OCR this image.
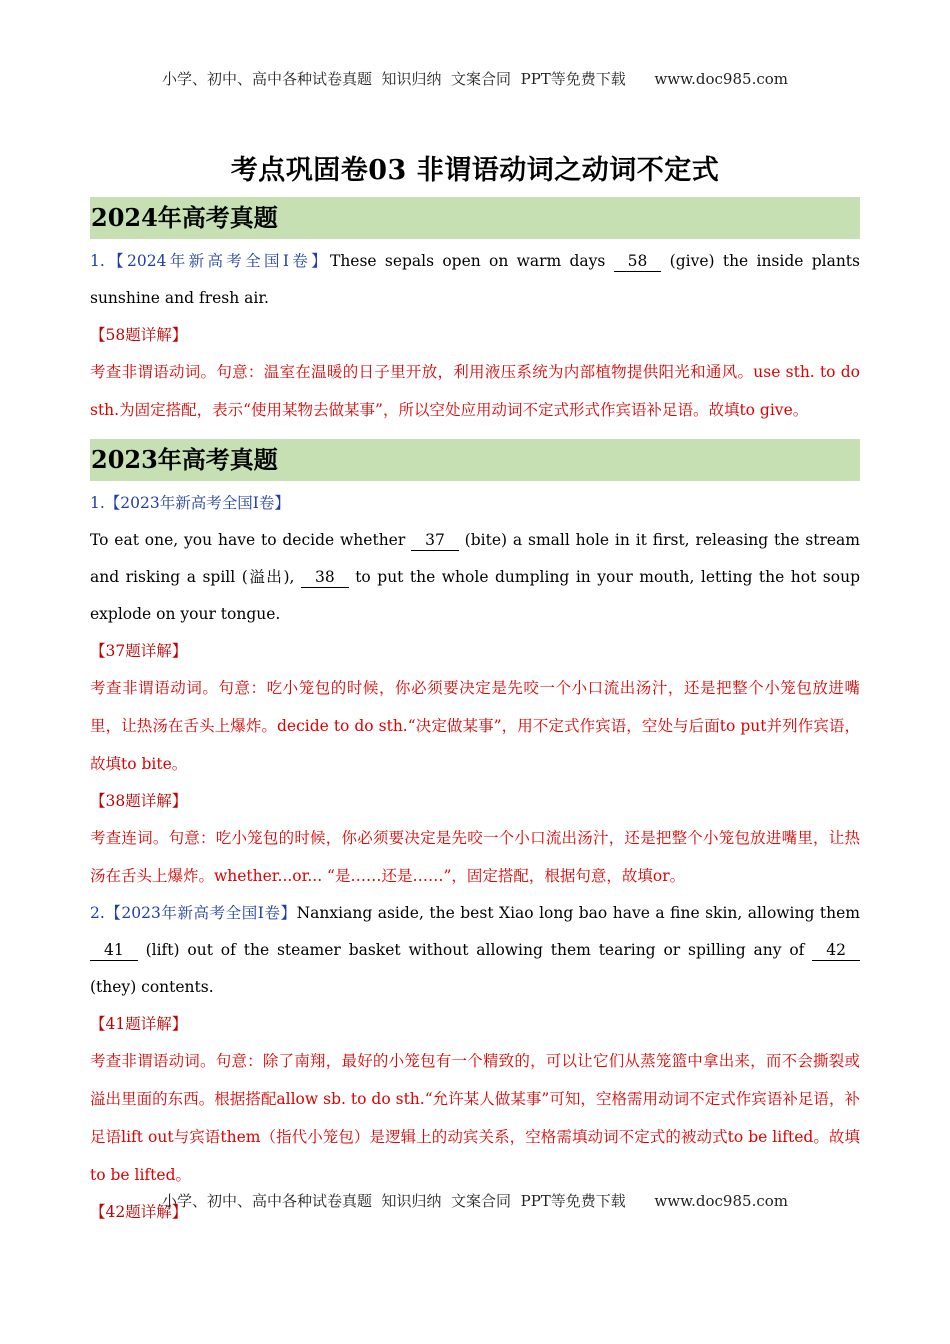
小学、初中、高中各种试卷真题  知识归纳  文案合同  PPT等免费下载      www.doc985.com
考点巩固卷03 非谓语动词之动词不定式
2024年高考真题

1.【2024年新高考全国Ⅰ卷】These sepals open on warm days 58 (give) the inside plants sunshine and fresh air.

【58题详解】

考查非谓语动词。句意：温室在温暖的日子里开放，利用液压系统为内部植物提供阳光和通风。use sth. to do sth.为固定搭配，表示“使用某物去做某事”，所以空处应用动词不定式形式作宾语补足语。故填to give。

2023年高考真题

1.【2023年新高考全国Ⅰ卷】

To eat one, you have to decide whether 37 (bite) a small hole in it first, releasing the stream and risking a spill (溢出), 38 to put the whole dumpling in your mouth, letting the hot soup explode on your tongue.

【37题详解】

考查非谓语动词。句意：吃小笼包的时候，你必须要决定是先咬一个小口流出汤汁，还是把整个小笼包放进嘴里，让热汤在舌头上爆炸。decide to do sth.“决定做某事”，用不定式作宾语，空处与后面to put并列作宾语，故填to bite。

【38题详解】

考查连词。句意：吃小笼包的时候，你必须要决定是先咬一个小口流出汤汁，还是把整个小笼包放进嘴里，让热汤在舌头上爆炸。whether...or... “是……还是……”，固定搭配，根据句意，故填or。

2.【2023年新高考全国Ⅰ卷】Nanxiang aside, the best Xiao long bao have a fine skin, allowing them 41 (lift) out of the steamer basket without allowing them tearing or spilling any of 42 (they) contents.

【41题详解】

考查非谓语动词。句意：除了南翔，最好的小笼包有一个精致的，可以让它们从蒸笼篮中拿出来，而不会撕裂或溢出里面的东西。根据搭配allow sb. to do sth.“允许某人做某事”可知，空格需用动词不定式作宾语补足语，补足语lift out与宾语them（指代小笼包）是逻辑上的动宾关系，空格需填动词不定式的被动式to be lifted。故填to be lifted。

【42题详解】

小学、初中、高中各种试卷真题  知识归纳  文案合同  PPT等免费下载      www.doc985.com
